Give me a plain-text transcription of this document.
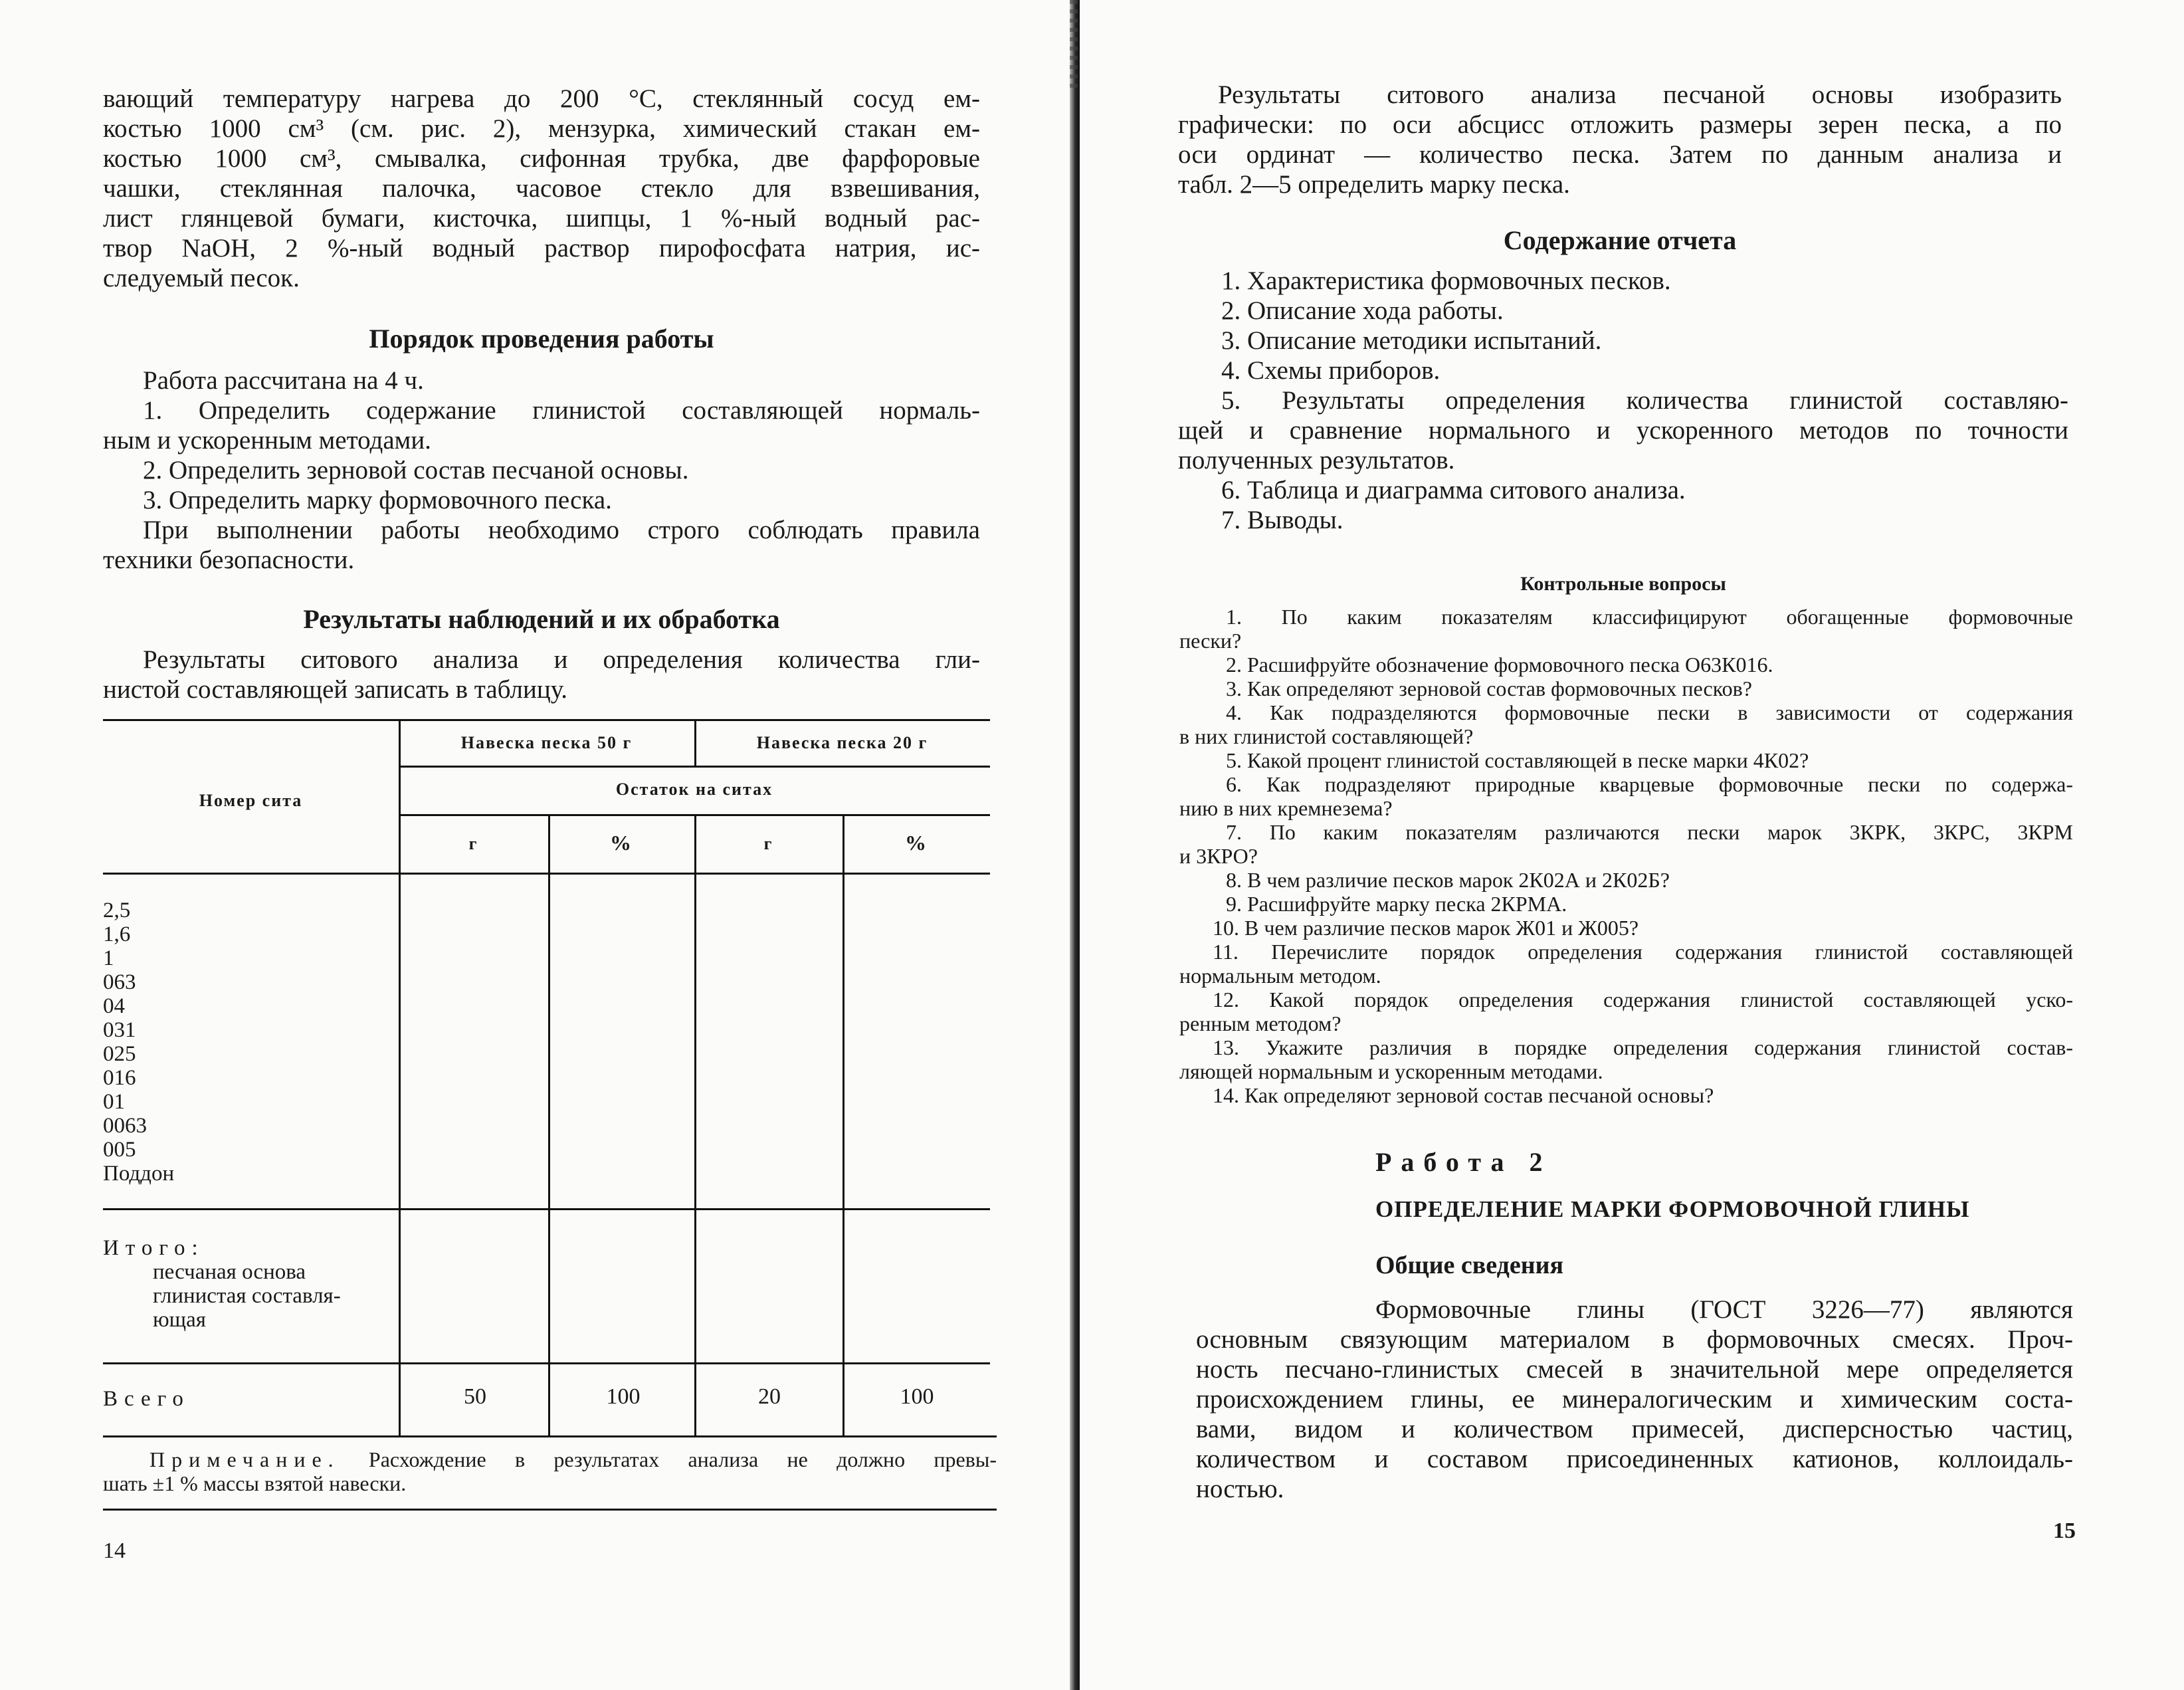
вающий температуру нагрева до 200 °С, стеклянный сосуд ем-
костью 1000 см³ (см. рис. 2), мензурка, химический стакан ем-
костью 1000 см³, смывалка, сифонная трубка, две фарфоровые
чашки, стеклянная палочка, часовое стекло для взвешивания,
лист глянцевой бумаги, кисточка, шипцы, 1 %-ный водный рас-
твор NaOH, 2 %-ный водный раствор пирофосфата натрия, ис-
следуемый песок.
Порядок проведения работы
Работа рассчитана на 4 ч.
1. Определить содержание глинистой составляющей нормаль-
ным и ускоренным методами.
2. Определить зерновой состав песчаной основы.
3. Определить марку формовочного песка.
При выполнении работы необходимо строго соблюдать правила
техники безопасности.
Результаты наблюдений и их обработка
Результаты ситового анализа и определения количества гли-
нистой составляющей записать в таблицу.
Номер сита
Навеска песка 50 г	Навеска песка 20 г
Остаток на ситах
г	%	г	%
2,5
1,6
1
063
04
031
025
016
01
0063
005
Поддон
Итого:
песчаная основа
глинистая составля-
ющая
Всего	50	100	20	100
Примечание. Расхождение в результатах анализа не должно превы-
шать ±1 % массы взятой навески.
14
Результаты ситового анализа песчаной основы изобразить
графически: по оси абсцисс отложить размеры зерен песка, а по
оси ординат — количество песка. Затем по данным анализа и
табл. 2—5 определить марку песка.
Содержание отчета
1. Характеристика формовочных песков.
2. Описание хода работы.
3. Описание методики испытаний.
4. Схемы приборов.
5. Результаты определения количества глинистой составляю-
щей и сравнение нормального и ускоренного методов по точности
полученных результатов.
6. Таблица и диаграмма ситового анализа.
7. Выводы.
Контрольные вопросы
1. По каким показателям классифицируют обогащенные формовочные
пески?
2. Расшифруйте обозначение формовочного песка О63К016.
3. Как определяют зерновой состав формовочных песков?
4. Как подразделяются формовочные пески в зависимости от содержания
в них глинистой составляющей?
5. Какой процент глинистой составляющей в песке марки 4К02?
6. Как подразделяют природные кварцевые формовочные пески по содержа-
нию в них кремнезема?
7. По каким показателям различаются пески марок 3КРК, 3КРС, 3КРМ
и 3КРО?
8. В чем различие песков марок 2К02А и 2К02Б?
9. Расшифруйте марку песка 2КРМА.
10. В чем различие песков марок Ж01 и Ж005?
11. Перечислите порядок определения содержания глинистой составляющей
нормальным методом.
12. Какой порядок определения содержания глинистой составляющей уско-
ренным методом?
13. Укажите различия в порядке определения содержания глинистой состав-
ляющей нормальным и ускоренным методами.
14. Как определяют зерновой состав песчаной основы?
Работа 2
ОПРЕДЕЛЕНИЕ МАРКИ ФОРМОВОЧНОЙ ГЛИНЫ
Общие сведения
Формовочные глины (ГОСТ 3226—77) являются
основным связующим материалом в формовочных смесях. Проч-
ность песчано-глинистых смесей в значительной мере определяется
происхождением глины, ее минералогическим и химическим соста-
вами, видом и количеством примесей, дисперсностью частиц,
количеством и составом присоединенных катионов, коллоидаль-
ностью.
15
